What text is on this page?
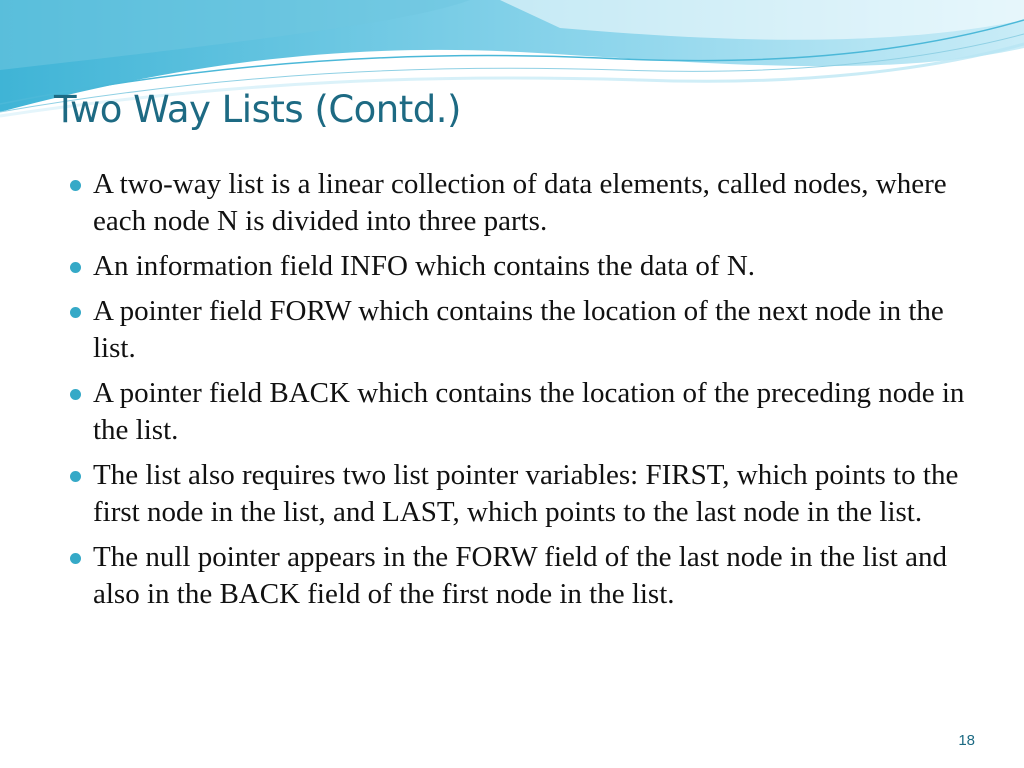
Two Way Lists (Contd.)
A two-way list is a linear collection of data elements, called nodes, where each node N is divided into three parts.
An information field INFO which contains the data of N.
A pointer field FORW which contains the location of the next node in the list.
A pointer field BACK which contains the location of the preceding node in the list.
The list also requires two list pointer variables: FIRST, which points to the first node in the list, and LAST, which points to the last node in the list.
The null pointer appears in the FORW field of the last node in the list and also in the BACK field of the first node in the list.
18
